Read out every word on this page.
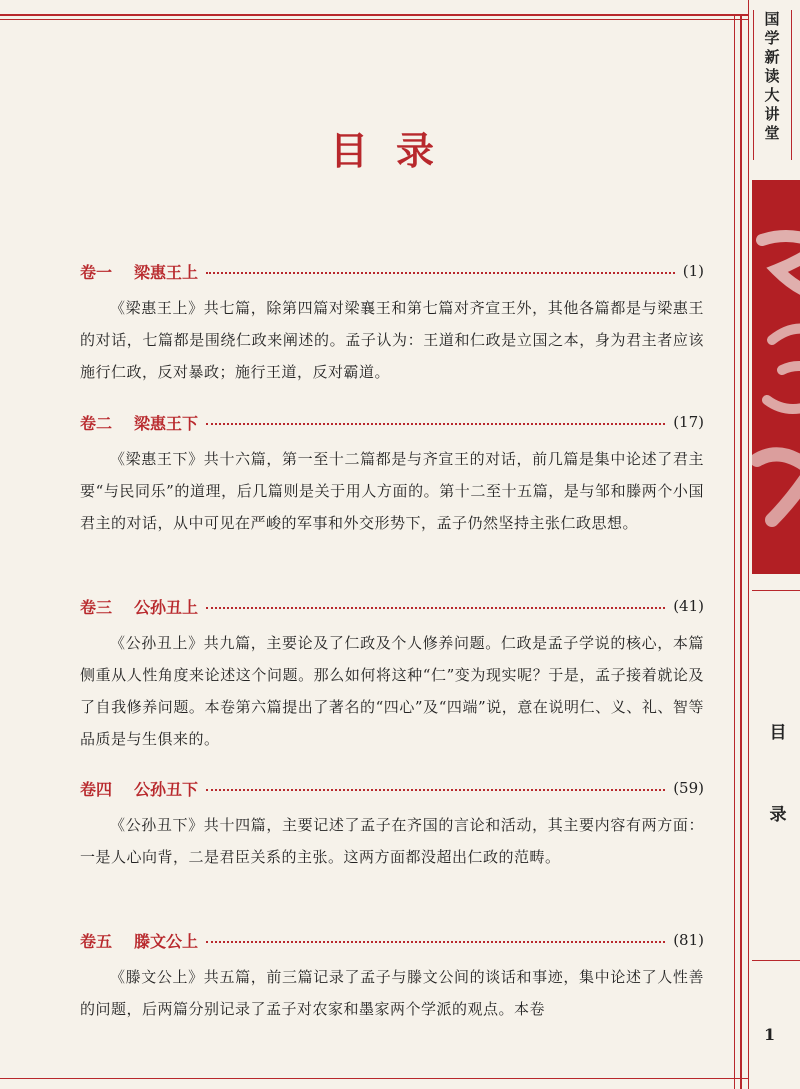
目录
卷一 梁惠王上	(1)
《梁惠王上》共七篇，除第四篇对梁襄王和第七篇对齐宣王外，其他各篇都是与梁惠王的对话，七篇都是围绕仁政来阐述的。孟子认为：王道和仁政是立国之本，身为君主者应该施行仁政，反对暴政；施行王道，反对霸道。
卷二 梁惠王下	(17)
《梁惠王下》共十六篇，第一至十二篇都是与齐宣王的对话，前几篇是集中论述了君主要“与民同乐”的道理，后几篇则是关于用人方面的。第十二至十五篇，是与邹和滕两个小国君主的对话，从中可见在严峻的军事和外交形势下，孟子仍然坚持主张仁政思想。
卷三 公孙丑上	(41)
《公孙丑上》共九篇，主要论及了仁政及个人修养问题。仁政是孟子学说的核心，本篇侧重从人性角度来论述这个问题。那么如何将这种“仁”变为现实呢？于是，孟子接着就论及了自我修养问题。本卷第六篇提出了著名的“四心”及“四端”说，意在说明仁、义、礼、智等品质是与生俱来的。
卷四 公孙丑下	(59)
《公孙丑下》共十四篇，主要记述了孟子在齐国的言论和活动，其主要内容有两方面：一是人心向背，二是君臣关系的主张。这两方面都没超出仁政的范畴。
卷五 滕文公上	(81)
《滕文公上》共五篇，前三篇记录了孟子与滕文公间的谈话和事迹，集中论述了人性善的问题，后两篇分别记录了孟子对农家和墨家两个学派的观点。本卷
国学新读大讲堂
目
录
1
